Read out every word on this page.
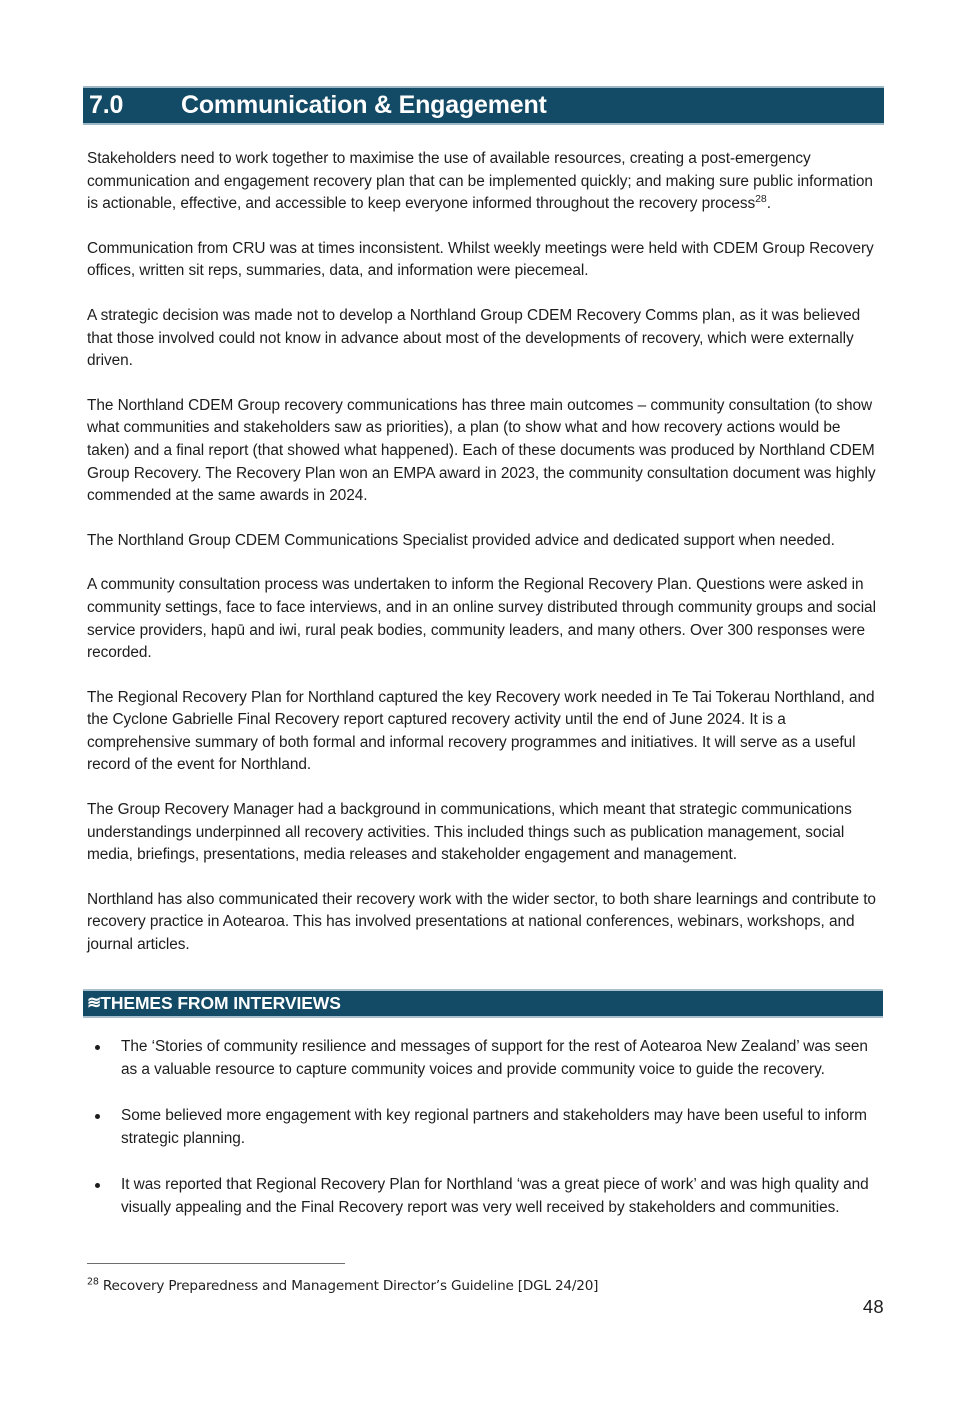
7.0	Communication & Engagement

Stakeholders need to work together to maximise the use of available resources, creating a post-emergency communication and engagement recovery plan that can be implemented quickly; and making sure public information is actionable, effective, and accessible to keep everyone informed throughout the recovery process$^{28}$.

Communication from CRU was at times inconsistent. Whilst weekly meetings were held with CDEM Group Recovery offices, written sit reps, summaries, data, and information were piecemeal.

A strategic decision was made not to develop a Northland Group CDEM Recovery Comms plan, as it was believed that those involved could not know in advance about most of the developments of recovery, which were externally driven.

The Northland CDEM Group recovery communications has three main outcomes – community consultation (to show what communities and stakeholders saw as priorities), a plan (to show what and how recovery actions would be taken) and a final report (that showed what happened). Each of these documents was produced by Northland CDEM Group Recovery. The Recovery Plan won an EMPA award in 2023, the community consultation document was highly commended at the same awards in 2024.

The Northland Group CDEM Communications Specialist provided advice and dedicated support when needed.

A community consultation process was undertaken to inform the Regional Recovery Plan. Questions were asked in community settings, face to face interviews, and in an online survey distributed through community groups and social service providers, hapū and iwi, rural peak bodies, community leaders, and many others. Over 300 responses were recorded.

The Regional Recovery Plan for Northland captured the key Recovery work needed in Te Tai Tokerau Northland, and the Cyclone Gabrielle Final Recovery report captured recovery activity until the end of June 2024. It is a comprehensive summary of both formal and informal recovery programmes and initiatives. It will serve as a useful record of the event for Northland.

The Group Recovery Manager had a background in communications, which meant that strategic communications understandings underpinned all recovery activities. This included things such as publication management, social media, briefings, presentations, media releases and stakeholder engagement and management.

Northland has also communicated their recovery work with the wider sector, to both share learnings and contribute to recovery practice in Aotearoa. This has involved presentations at national conferences, webinars, workshops, and journal articles.

≋ THEMES FROM INTERVIEWS
The ‘Stories of community resilience and messages of support for the rest of Aotearoa New Zealand’ was seen as a valuable resource to capture community voices and provide community voice to guide the recovery.
Some believed more engagement with key regional partners and stakeholders may have been useful to inform strategic planning.
It was reported that Regional Recovery Plan for Northland ‘was a great piece of work’ and was high quality and visually appealing and the Final Recovery report was very well received by stakeholders and communities.
$^{28}$ Recovery Preparedness and Management Director’s Guideline [DGL 24/20]
48
